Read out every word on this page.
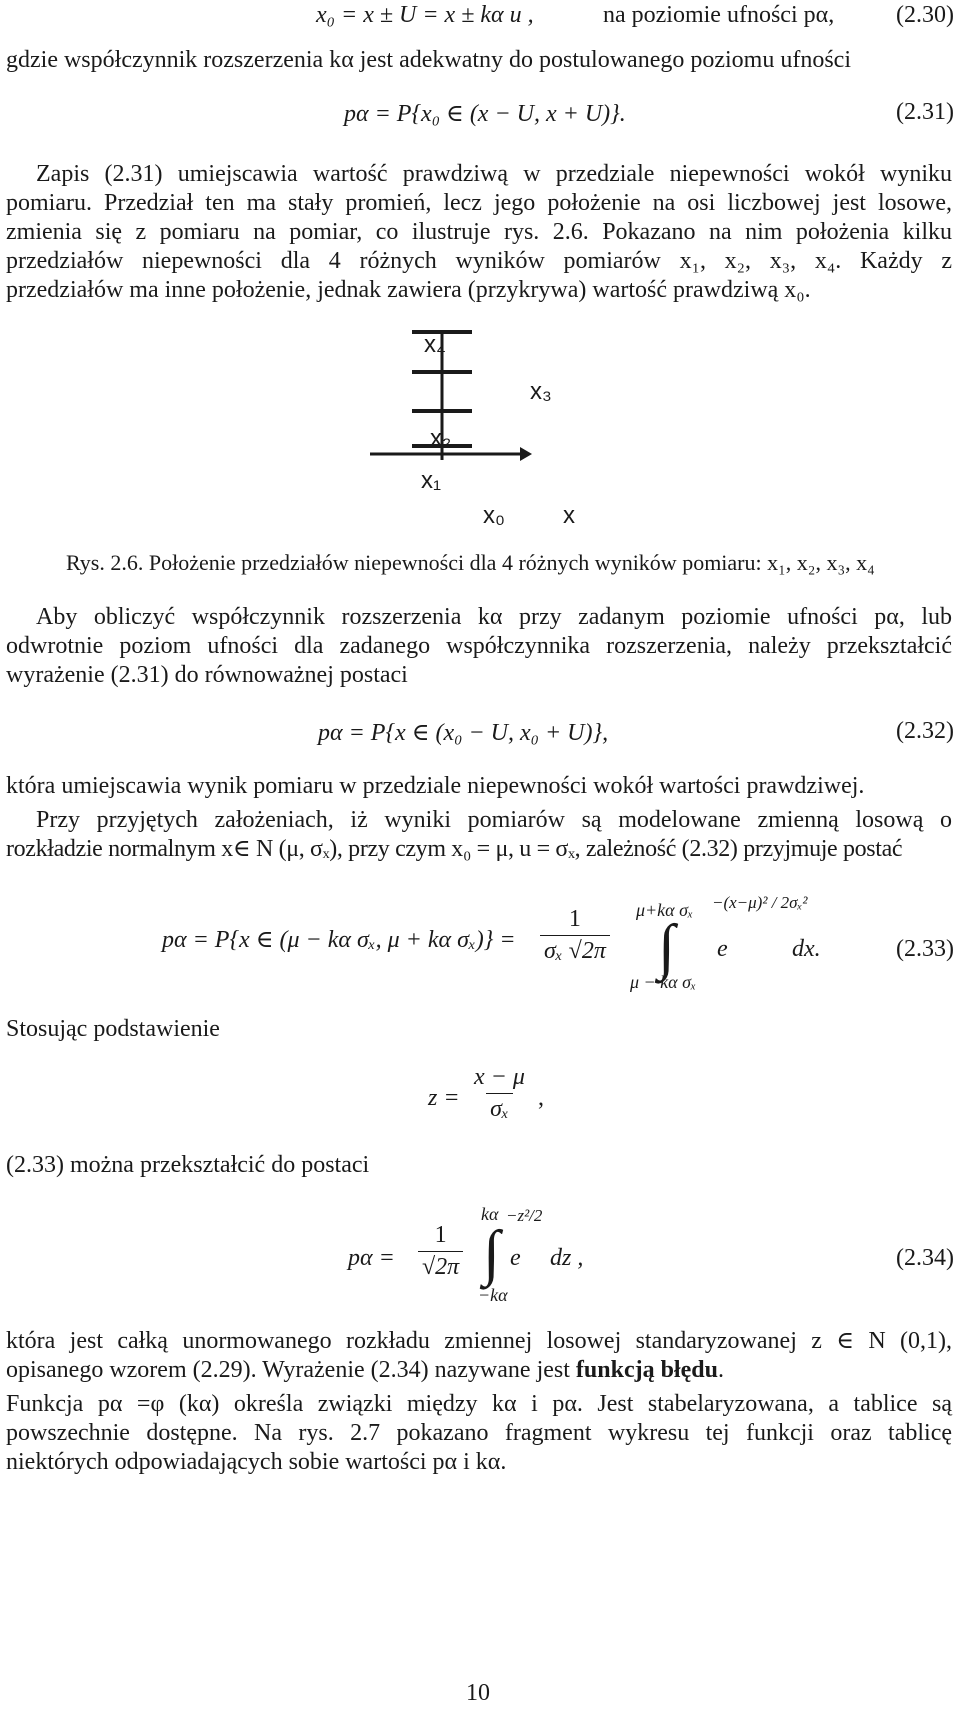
x₀ = x ± U = x ± kα u ,	na poziomie ufności pα,	(2.30)
gdzie współczynnik rozszerzenia kα jest adekwatny do postulowanego poziomu ufności
pα = P{x₀ ∈ (x − U, x + U)}.	(2.31)
Zapis (2.31) umiejscawia wartość prawdziwą w przedziale niepewności wokół wyniku
pomiaru. Przedział ten ma stały promień, lecz jego położenie na osi liczbowej jest losowe,
zmienia się z pomiaru na pomiar, co ilustruje rys. 2.6. Pokazano na nim położenia kilku
przedziałów niepewności dla 4 różnych wyników pomiarów x₁, x₂, x₃, x₄. Każdy z
przedziałów ma inne położenie, jednak zawiera (przykrywa) wartość prawdziwą x₀.
x₄
x₃
x₂
x₁
x₀ x
Rys. 2.6. Położenie przedziałów niepewności dla 4 różnych wyników pomiaru: x₁, x₂, x₃, x₄
Aby obliczyć współczynnik rozszerzenia kα przy zadanym poziomie ufności pα, lub
odwrotnie poziom ufności dla zadanego współczynnika rozszerzenia, należy przekształcić
wyrażenie (2.31) do równoważnej postaci
pα = P{x ∈ (x₀ − U, x₀ + U)},	(2.32)
która umiejscawia wynik pomiaru w przedziale niepewności wokół wartości prawdziwej.
Przy przyjętych założeniach, iż wyniki pomiarów są modelowane zmienną losową o
rozkładzie normalnym x∈ N (μ, σₓ), przy czym x₀ = μ, u = σₓ, zależność (2.32) przyjmuje postać
pα = P{x ∈ (μ − kα σₓ, μ + kα $\sigma_x)\} = \frac{1}{\text{σₓ √2π}} \mu+k\alpha$ σₓ
∫
μ − kα σₓ
e
−(x−μ)² / 2σₓ²
dx.	(2.33)
Stosując podstawienie
$z = \frac{x - \mu}{\text{σₓ}}$ ,
(2.33) można przekształcić do postaci
$p\alpha = \frac{1}{√2\pi}$
kα
∫
−kα
e
−z²/2
dz ,	(2.34)
która jest całką unormowanego rozkładu zmiennej losowej standaryzowanej z ∈ N (0,1),
opisanego wzorem (2.29). Wyrażenie (2.34) nazywane jest funkcją błędu.
Funkcja pα =φ (kα) określa związki między kα i pα. Jest stabelaryzowana, a tablice są
powszechnie dostępne. Na rys. 2.7 pokazano fragment wykresu tej funkcji oraz tablicę
niektórych odpowiadających sobie wartości pα i kα.
10
